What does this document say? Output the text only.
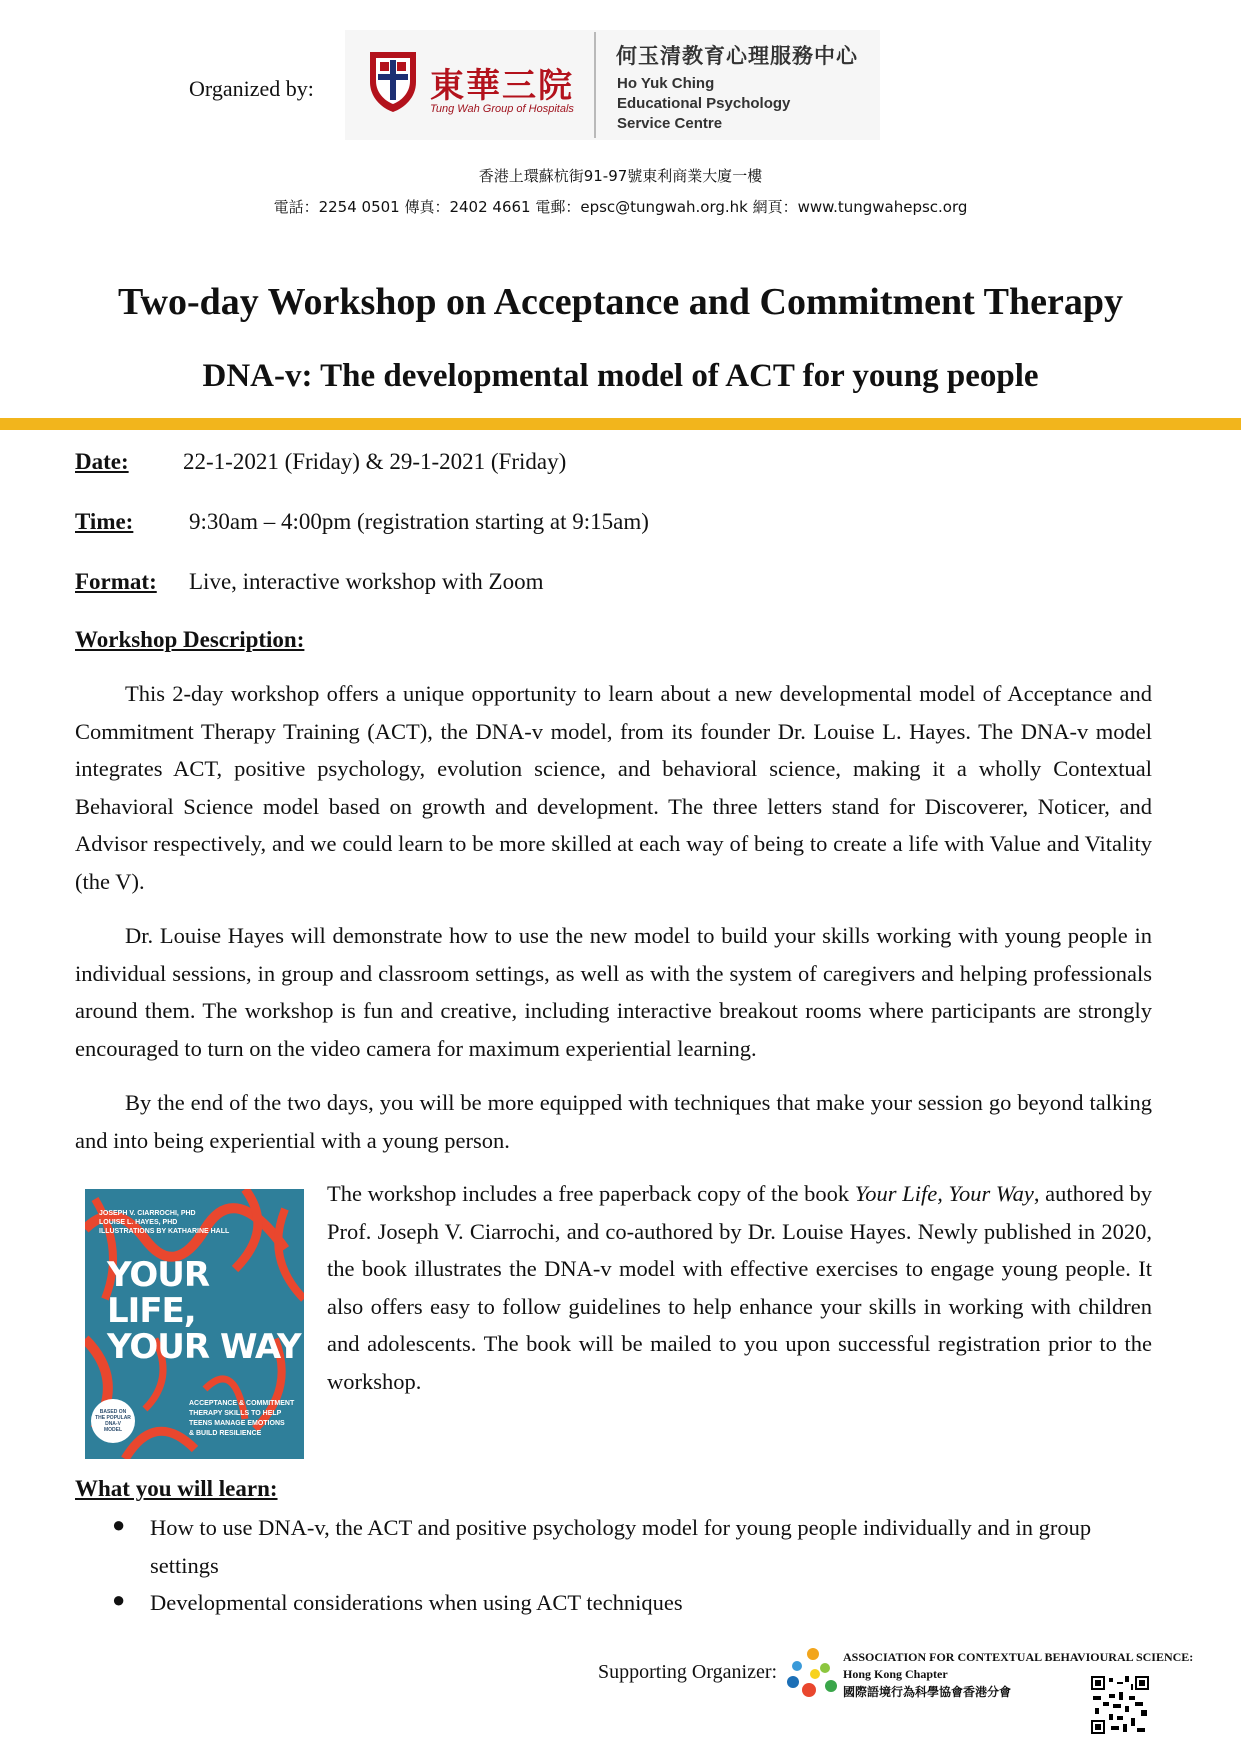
Organized by:	東華三院
Tung Wah Group of Hospitals
何玉清教育心理服務中心
Ho Yuk Ching
Educational Psychology
Service Centre
香港上環蘇杭街91-97號東利商業大廈一樓
電話：2254 0501 傳真：2402 4661 電郵：epsc@tungwah.org.hk 網頁：www.tungwahepsc.org
Two-day Workshop on Acceptance and Commitment Therapy
DNA-v: The developmental model of ACT for young people
Date: 22-1-2021 (Friday) & 29-1-2021 (Friday)
Time: 9:30am – 4:00pm (registration starting at 9:15am)
Format: Live, interactive workshop with Zoom
Workshop Description:
This 2-day workshop offers a unique opportunity to learn about a new developmental model of Acceptance and Commitment Therapy Training (ACT), the DNA-v model, from its founder Dr. Louise L. Hayes. The DNA-v model integrates ACT, positive psychology, evolution science, and behavioral science, making it a wholly Contextual Behavioral Science model based on growth and development. The three letters stand for Discoverer, Noticer, and Advisor respectively, and we could learn to be more skilled at each way of being to create a life with Value and Vitality (the V).
Dr. Louise Hayes will demonstrate how to use the new model to build your skills working with young people in individual sessions, in group and classroom settings, as well as with the system of caregivers and helping professionals around them. The workshop is fun and creative, including interactive breakout rooms where participants are strongly encouraged to turn on the video camera for maximum experiential learning.
By the end of the two days, you will be more equipped with techniques that make your session go beyond talking and into being experiential with a young person.
JOSEPH V. CIARROCHI, PHD
LOUISE L. HAYES, PHD
ILLUSTRATIONS BY KATHARINE HALL
YOUR LIFE,
YOUR WAY
ACCEPTANCE & COMMITMENT
THERAPY SKILLS TO HELP
TEENS MANAGE EMOTIONS
& BUILD RESILIENCE
BASED ON
THE POPULAR
DNA-V
MODEL
The workshop includes a free paperback copy of the book Your Life, Your Way, authored by Prof. Joseph V. Ciarrochi, and co-authored by Dr. Louise Hayes. Newly published in 2020, the book illustrates the DNA-v model with effective exercises to engage young people. It also offers easy to follow guidelines to help enhance your skills in working with children and adolescents. The book will be mailed to you upon successful registration prior to the workshop.
What you will learn:
● How to use DNA-v, the ACT and positive psychology model for young people individually and in group settings
● Developmental considerations when using ACT techniques
Supporting Organizer:
ASSOCIATION FOR CONTEXTUAL BEHAVIOURAL SCIENCE:
Hong Kong Chapter
國際語境行為科學協會香港分會
